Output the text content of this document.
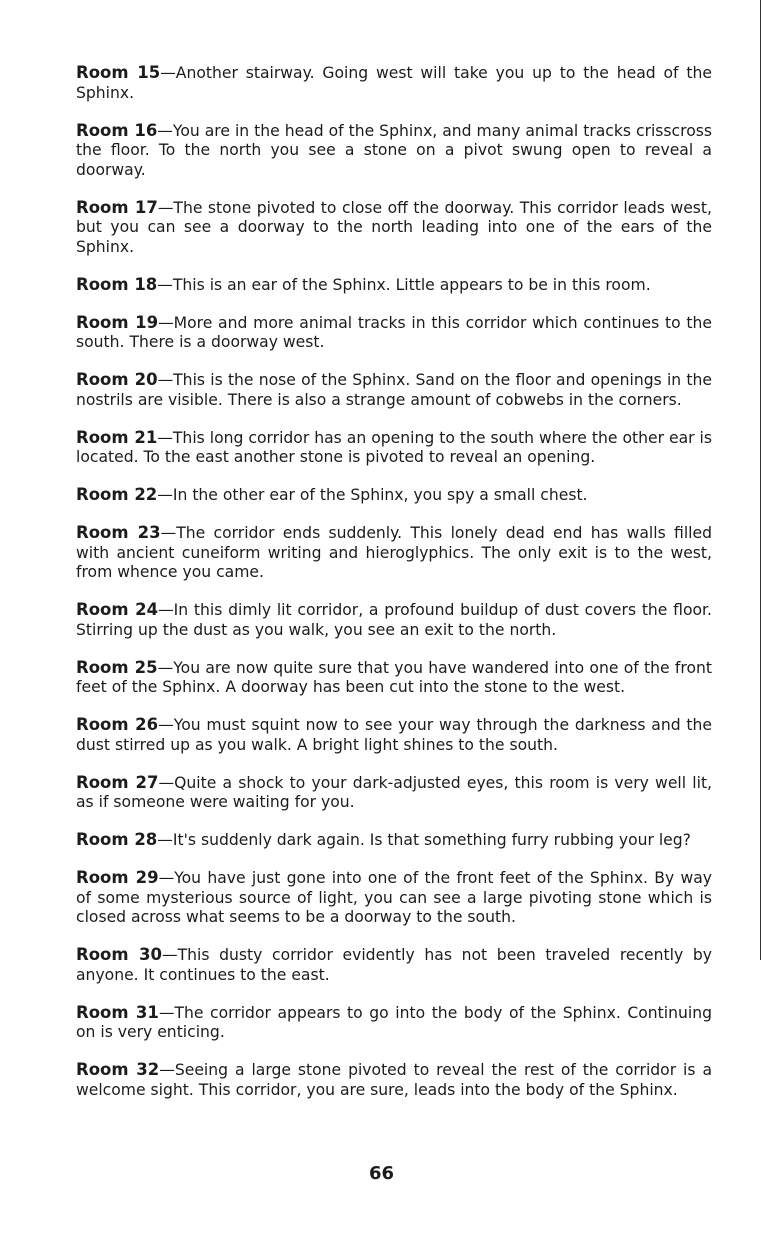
Room 15—Another stairway. Going west will take you up to the head of the Sphinx.

Room 16—You are in the head of the Sphinx, and many animal tracks crisscross the floor. To the north you see a stone on a pivot swung open to reveal a doorway.

Room 17—The stone pivoted to close off the doorway. This corridor leads west, but you can see a doorway to the north leading into one of the ears of the Sphinx.

Room 18—This is an ear of the Sphinx. Little appears to be in this room.

Room 19—More and more animal tracks in this corridor which continues to the south. There is a doorway west.

Room 20—This is the nose of the Sphinx. Sand on the floor and openings in the nostrils are visible. There is also a strange amount of cobwebs in the corners.

Room 21—This long corridor has an opening to the south where the other ear is located. To the east another stone is pivoted to reveal an opening.

Room 22—In the other ear of the Sphinx, you spy a small chest.

Room 23—The corridor ends suddenly. This lonely dead end has walls filled with ancient cuneiform writing and hieroglyphics. The only exit is to the west, from whence you came.

Room 24—In this dimly lit corridor, a profound buildup of dust covers the floor. Stirring up the dust as you walk, you see an exit to the north.

Room 25—You are now quite sure that you have wandered into one of the front feet of the Sphinx. A doorway has been cut into the stone to the west.

Room 26—You must squint now to see your way through the darkness and the dust stirred up as you walk. A bright light shines to the south.

Room 27—Quite a shock to your dark-adjusted eyes, this room is very well lit, as if someone were waiting for you.

Room 28—It's suddenly dark again. Is that something furry rubbing your leg?

Room 29—You have just gone into one of the front feet of the Sphinx. By way of some mysterious source of light, you can see a large pivoting stone which is closed across what seems to be a doorway to the south.

Room 30—This dusty corridor evidently has not been traveled recently by anyone. It continues to the east.

Room 31—The corridor appears to go into the body of the Sphinx. Continuing on is very enticing.

Room 32—Seeing a large stone pivoted to reveal the rest of the corridor is a welcome sight. This corridor, you are sure, leads into the body of the Sphinx.

66
